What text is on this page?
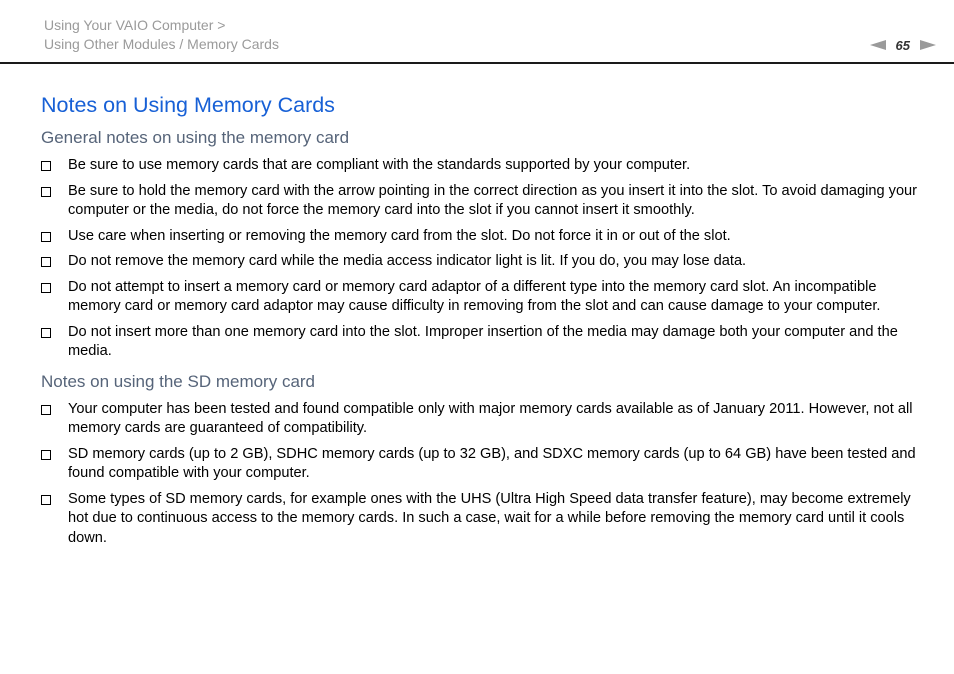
Using Your VAIO Computer >
Using Other Modules / Memory Cards	65
Notes on Using Memory Cards
General notes on using the memory card
Be sure to use memory cards that are compliant with the standards supported by your computer.
Be sure to hold the memory card with the arrow pointing in the correct direction as you insert it into the slot. To avoid damaging your computer or the media, do not force the memory card into the slot if you cannot insert it smoothly.
Use care when inserting or removing the memory card from the slot. Do not force it in or out of the slot.
Do not remove the memory card while the media access indicator light is lit. If you do, you may lose data.
Do not attempt to insert a memory card or memory card adaptor of a different type into the memory card slot. An incompatible memory card or memory card adaptor may cause difficulty in removing from the slot and can cause damage to your computer.
Do not insert more than one memory card into the slot. Improper insertion of the media may damage both your computer and the media.
Notes on using the SD memory card
Your computer has been tested and found compatible only with major memory cards available as of January 2011. However, not all memory cards are guaranteed of compatibility.
SD memory cards (up to 2 GB), SDHC memory cards (up to 32 GB), and SDXC memory cards (up to 64 GB) have been tested and found compatible with your computer.
Some types of SD memory cards, for example ones with the UHS (Ultra High Speed data transfer feature), may become extremely hot due to continuous access to the memory cards. In such a case, wait for a while before removing the memory card until it cools down.
